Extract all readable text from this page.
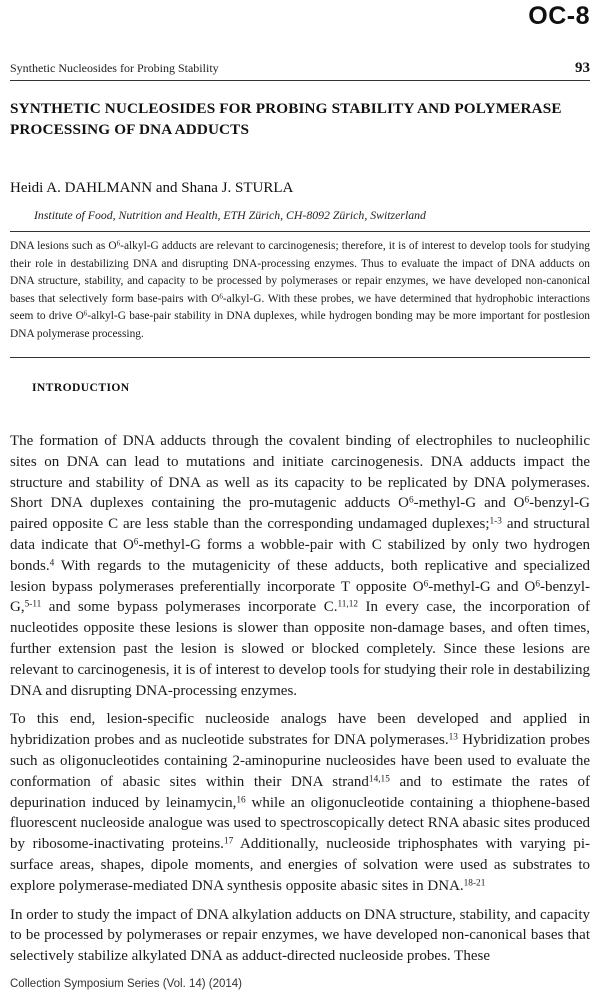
OC-8
Synthetic Nucleosides for Probing Stability	93
SYNTHETIC NUCLEOSIDES FOR PROBING STABILITY AND POLYMERASE PROCESSING OF DNA ADDUCTS
Heidi A. DAHLMANN and Shana J. STURLA
Institute of Food, Nutrition and Health, ETH Zürich, CH-8092 Zürich, Switzerland
DNA lesions such as $O^6-alkyl-G$ adducts are relevant to carcinogenesis; therefore, it is of interest to develop tools for studying their role in destabilizing DNA and disrupting DNA-processing enzymes. Thus to evaluate the impact of DNA adducts on DNA structure, stability, and capacity to be processed by polymerases or repair enzymes, we have developed non-canonical bases that selectively form base-pairs with $O^6-alkyl-G$. With these probes, we have determined that hydrophobic interactions seem to drive $O^6-alkyl-G$ base-pair stability in DNA duplexes, while hydrogen bonding may be more important for postlesion DNA polymerase processing.
INTRODUCTION

The formation of DNA adducts through the covalent binding of electrophiles to nucleophilic sites on DNA can lead to mutations and initiate carcinogenesis. DNA adducts impact the structure and stability of DNA as well as its capacity to be replicated by DNA polymerases. Short DNA duplexes containing the pro-mutagenic adducts $O^6-methyl-G$ and $O^6-benzyl-G$ paired opposite C are less stable than the corresponding undamaged duplexes;$^{1-3}$ and structural data indicate that $O^6-methyl-G$ forms a wobble-pair with C stabilized by only two hydrogen bonds.$^4$ With regards to the mutagenicity of these adducts, both replicative and specialized lesion bypass polymerases preferentially incorporate T opposite $O^6-methyl-G$ and $O^6-benzyl-G,^{5-11}$ and some bypass polymerases incorporate C.$^{11,12}$ In every case, the incorporation of nucleotides opposite these lesions is slower than opposite non-damage bases, and often times, further extension past the lesion is slowed or blocked completely. Since these lesions are relevant to carcinogenesis, it is of interest to develop tools for studying their role in destabilizing DNA and disrupting DNA-processing enzymes.

To this end, lesion-specific nucleoside analogs have been developed and applied in hybridization probes and as nucleotide substrates for DNA polymerases.$^{13}$ Hybridization probes such as oligonucleotides containing 2-aminopurine nucleosides have been used to evaluate the conformation of abasic sites within their DNA strand$^{14,15}$ and to estimate the rates of depurination induced by leinamycin,$^{16}$ while an oligonucleotide containing a thiophene-based fluorescent nucleoside analogue was used to spectroscopically detect RNA abasic sites produced by ribosome-inactivating proteins.$^{17}$ Additionally, nucleoside triphosphates with varying pi-surface areas, shapes, dipole moments, and energies of solvation were used as substrates to explore polymerase-mediated DNA synthesis opposite abasic sites in DNA.$^{18-21}$

In order to study the impact of DNA alkylation adducts on DNA structure, stability, and capacity to be processed by polymerases or repair enzymes, we have developed non-canonical bases that selectively stabilize alkylated DNA as adduct-directed nucleoside probes. These

Collection Symposium Series (Vol. 14) (2014)
